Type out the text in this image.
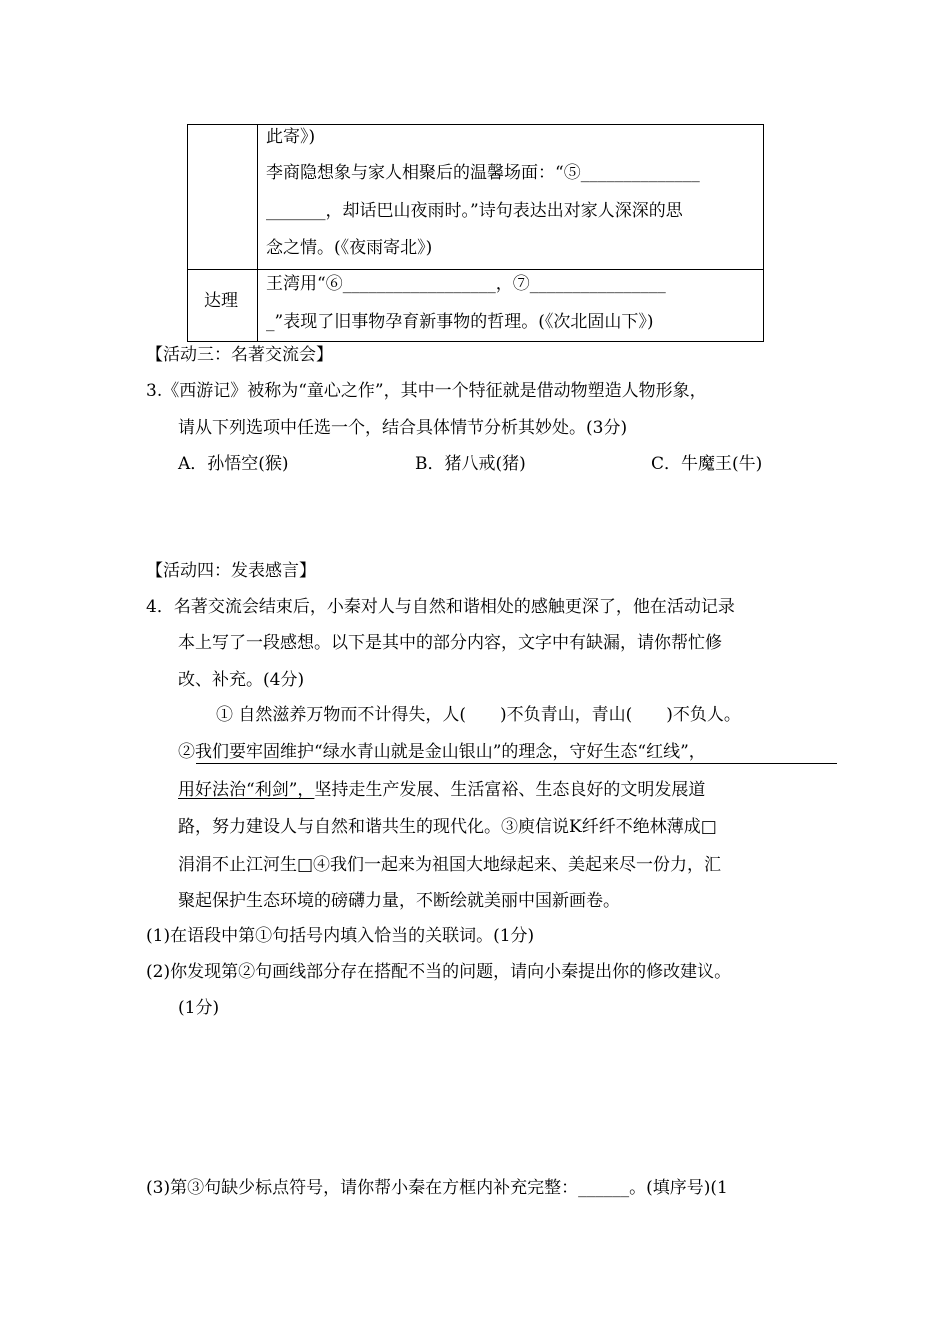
此寄》)
李商隐想象与家人相聚后的温馨场面：“⑤______________
_______，却话巴山夜雨时。”诗句表达出对家人深深的思
念之情。(《夜雨寄北》)
达理
王湾用“⑥__________________，⑦________________
_”表现了旧事物孕育新事物的哲理。(《次北固山下》)
【活动三：名著交流会】
3.《西游记》被称为“童心之作”，其中一个特征就是借动物塑造人物形象，
请从下列选项中任选一个，结合具体情节分析其妙处。(3分)
A．孙悟空(猴)	B．猪八戒(猪)	C．牛魔王(牛)
【活动四：发表感言】
4．名著交流会结束后，小秦对人与自然和谐相处的感触更深了，他在活动记录
本上写了一段感想。以下是其中的部分内容，文字中有缺漏，请你帮忙修
改、补充。(4分)
① 自然滋养万物而不计得失，人(　　)不负青山，青山(　　)不负人。
②我们要牢固维护“绿水青山就是金山银山”的理念，守好生态“红线”，
用好法治“利剑”，坚持走生产发展、生活富裕、生态良好的文明发展道
路，努力建设人与自然和谐共生的现代化。③庾信说K纤纤不绝林薄成□
涓涓不止江河生□④我们一起来为祖国大地绿起来、美起来尽一份力，汇
聚起保护生态环境的磅礴力量，不断绘就美丽中国新画卷。
(1)在语段中第①句括号内填入恰当的关联词。(1分)
(2)你发现第②句画线部分存在搭配不当的问题，请向小秦提出你的修改建议。
(1分)
(3)第③句缺少标点符号，请你帮小秦在方框内补充完整：______。(填序号)(1
